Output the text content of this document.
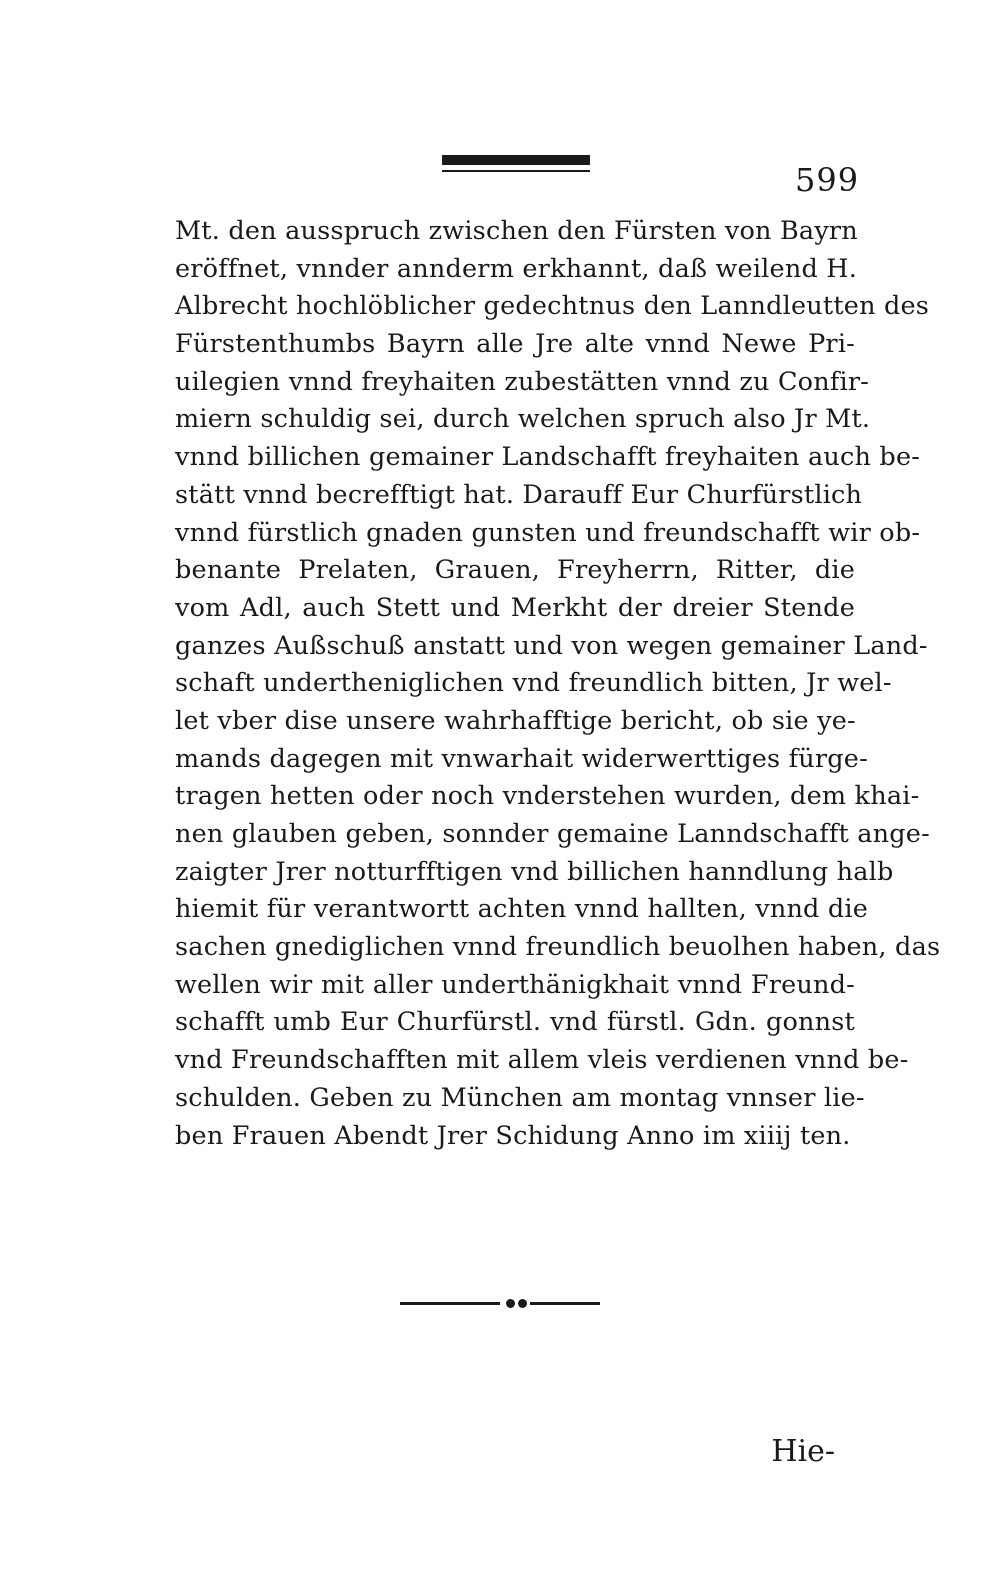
599
Mt. den ausspruch zwischen den Fürsten von Bayrn
eröffnet, vnnder annderm erkhannt, daß weilend H.
Albrecht hochlöblicher gedechtnus den Lanndleutten des
Fürstenthumbs Bayrn alle Jre alte vnnd Newe Pri-
uilegien vnnd freyhaiten zubestätten vnnd zu Confir-
miern schuldig sei, durch welchen spruch also Jr Mt.
vnnd billichen gemainer Landschafft freyhaiten auch be-
stätt vnnd becrefftigt hat. Darauff Eur Churfürstlich
vnnd fürstlich gnaden gunsten und freundschafft wir ob-
benante Prelaten, Grauen, Freyherrn, Ritter, die
vom Adl, auch Stett und Merkht der dreier Stende
ganzes Außschuß anstatt und von wegen gemainer Land-
schaft undertheniglichen vnd freundlich bitten, Jr wel-
let vber dise unsere wahrhafftige bericht, ob sie ye-
mands dagegen mit vnwarhait widerwerttiges fürge-
tragen hetten oder noch vnderstehen wurden, dem khai-
nen glauben geben, sonnder gemaine Lanndschafft ange-
zaigter Jrer notturfftigen vnd billichen hanndlung halb
hiemit für verantwortt achten vnnd hallten, vnnd die
sachen gnediglichen vnnd freundlich beuolhen haben, das
wellen wir mit aller underthänigkhait vnnd Freund-
schafft umb Eur Churfürstl. vnd fürstl. Gdn. gonnst
vnd Freundschafften mit allem vleis verdienen vnnd be-
schulden. Geben zu München am montag vnnser lie-
ben Frauen Abendt Jrer Schidung Anno im xiiij ten.
Hie-
